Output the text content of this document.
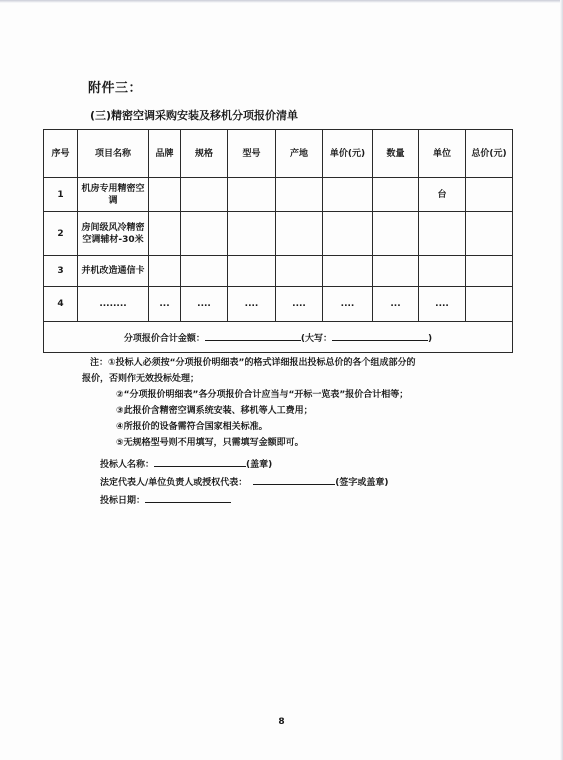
附件三：
(三)精密空调采购安装及移机分项报价清单
序号	项目名称	品牌	规格	型号	产地	单价(元)	数量	单位	总价(元)
1	机房专用精密空调							台	
2	房间级风冷精密空调辅材-30米								
3	并机改造通信卡								
4	........	...	....	....	....	....	...	....	
分项报价合计金额： (大写： )									
注：①投标人必须按“分项报价明细表”的格式详细报出投标总价的各个组成部分的
报价，否则作无效投标处理；
②“分项报价明细表”各分项报价合计应当与“开标一览表”报价合计相等；
③此报价含精密空调系统安装、移机等人工费用；
④所报价的设备需符合国家相关标准。
⑤无规格型号则不用填写，只需填写金额即可。
投标人名称：	(盖章)
法定代表人/单位负责人或授权代表：	(签字或盖章)
投标日期：
8
